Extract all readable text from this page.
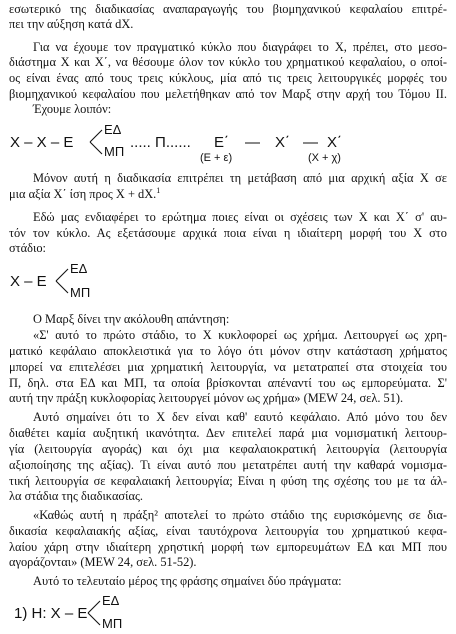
εσωτερικό της διαδικασίας αναπαραγωγής του βιομηχανικού κεφαλαίου επιτρέ-
πει την αύξηση κατά dX.
Για να έχουμε τον πραγματικό κύκλο που διαγράφει το Χ, πρέπει, στο μεσο-
διάστημα Χ και Χ΄, να θέσουμε όλον τον κύκλο του χρηματικού κεφαλαίου, ο οποί-
ος είναι ένας από τους τρεις κύκλους, μία από τις τρεις λειτουργικές μορφές του
βιομηχανικού κεφαλαίου που μελετήθηκαν από τον Μαρξ στην αρχή του Τόμου ΙΙ.
Έχουμε λοιπόν:
Χ – Χ – Ε
ΕΔ
ΜΠ
..... Π...... Ε΄
(Ε + ε)
— Χ΄ — Χ΄
(Χ + χ)
Μόνον αυτή η διαδικασία επιτρέπει τη μετάβαση από μια αρχική αξία Χ σε
μια αξία Χ΄ ίση προς Χ + dX.$^1$
Εδώ μας ενδιαφέρει το ερώτημα ποιες είναι οι σχέσεις των Χ και Χ΄ σ' αυ-
τόν τον κύκλο. Ας εξετάσουμε αρχικά ποια είναι η ιδιαίτερη μορφή του Χ στο
στάδιο:
Χ – Ε
ΕΔ
ΜΠ
Ο Μαρξ δίνει την ακόλουθη απάντηση:
«Σ' αυτό το πρώτο στάδιο, το Χ κυκλοφορεί ως χρήμα. Λειτουργεί ως χρη-
ματικό κεφάλαιο αποκλειστικά για το λόγο ότι μόνον στην κατάσταση χρήματος
μπορεί να επιτελέσει μια χρηματική λειτουργία, να μετατραπεί στα στοιχεία του
Π, δηλ. στα ΕΔ και ΜΠ, τα οποία βρίσκονται απέναντί του ως εμπορεύματα. Σ'
αυτή την πράξη κυκλοφορίας λειτουργεί μόνον ως χρήμα» (MEW 24, σελ. 51).
Αυτό σημαίνει ότι το Χ δεν είναι καθ' εαυτό κεφάλαιο. Από μόνο του δεν
διαθέτει καμία αυξητική ικανότητα. Δεν επιτελεί παρά μια νομισματική λειτουρ-
γία (λειτουργία αγοράς) και όχι μια κεφαλαιοκρατική λειτουργία (λειτουργία
αξιοποίησης της αξίας). Τι είναι αυτό που μετατρέπει αυτή την καθαρά νομισμα-
τική λειτουργία σε κεφαλαιακή λειτουργία; Είναι η φύση της σχέσης του με τα άλ-
λα στάδια της διαδικασίας.
«Καθώς αυτή η πράξη² αποτελεί το πρώτο στάδιο της ευρισκόμενης σε δια-
δικασία κεφαλαιακής αξίας, είναι ταυτόχρονα λειτουργία του χρηματικού κεφα-
λαίου χάρη στην ιδιαίτερη χρηστική μορφή των εμπορευμάτων ΕΔ και ΜΠ που
αγοράζονται» (MEW 24, σελ. 51-52).
Αυτό το τελευταίο μέρος της φράσης σημαίνει δύο πράγματα:
1) Η: Χ – Ε
ΕΔ
ΜΠ
